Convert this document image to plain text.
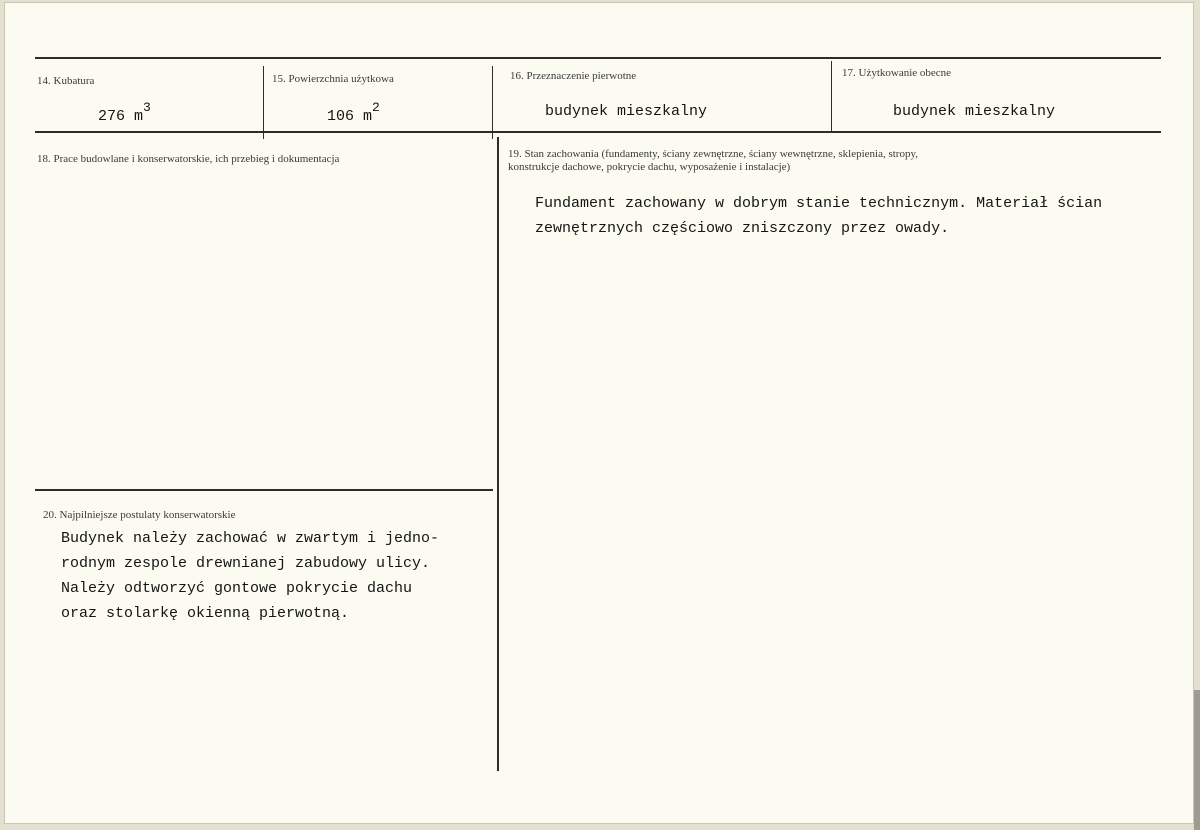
14. Kubatura
276 $m^3$
15. Powierzchnia użytkowa
106 $m^2$
16. Przeznaczenie pierwotne
budynek mieszkalny
17. Użytkowanie obecne
budynek mieszkalny
18. Prace budowlane i konserwatorskie, ich przebieg i dokumentacja	19. Stan zachowania (fundamenty, ściany zewnętrzne, ściany wewnętrzne, sklepienia, stropy,
konstrukcje dachowe, pokrycie dachu, wyposażenie i instalacje)
Fundament zachowany w dobrym stanie technicznym. Materiał ścian
zewnętrznych częściowo zniszczony przez owady.
20. Najpilniejsze postulaty konserwatorskie
Budynek należy zachować w zwartym i jedno-
rodnym zespole drewnianej zabudowy ulicy.
Należy odtworzyć gontowe pokrycie dachu
oraz stolarkę okienną pierwotną.
